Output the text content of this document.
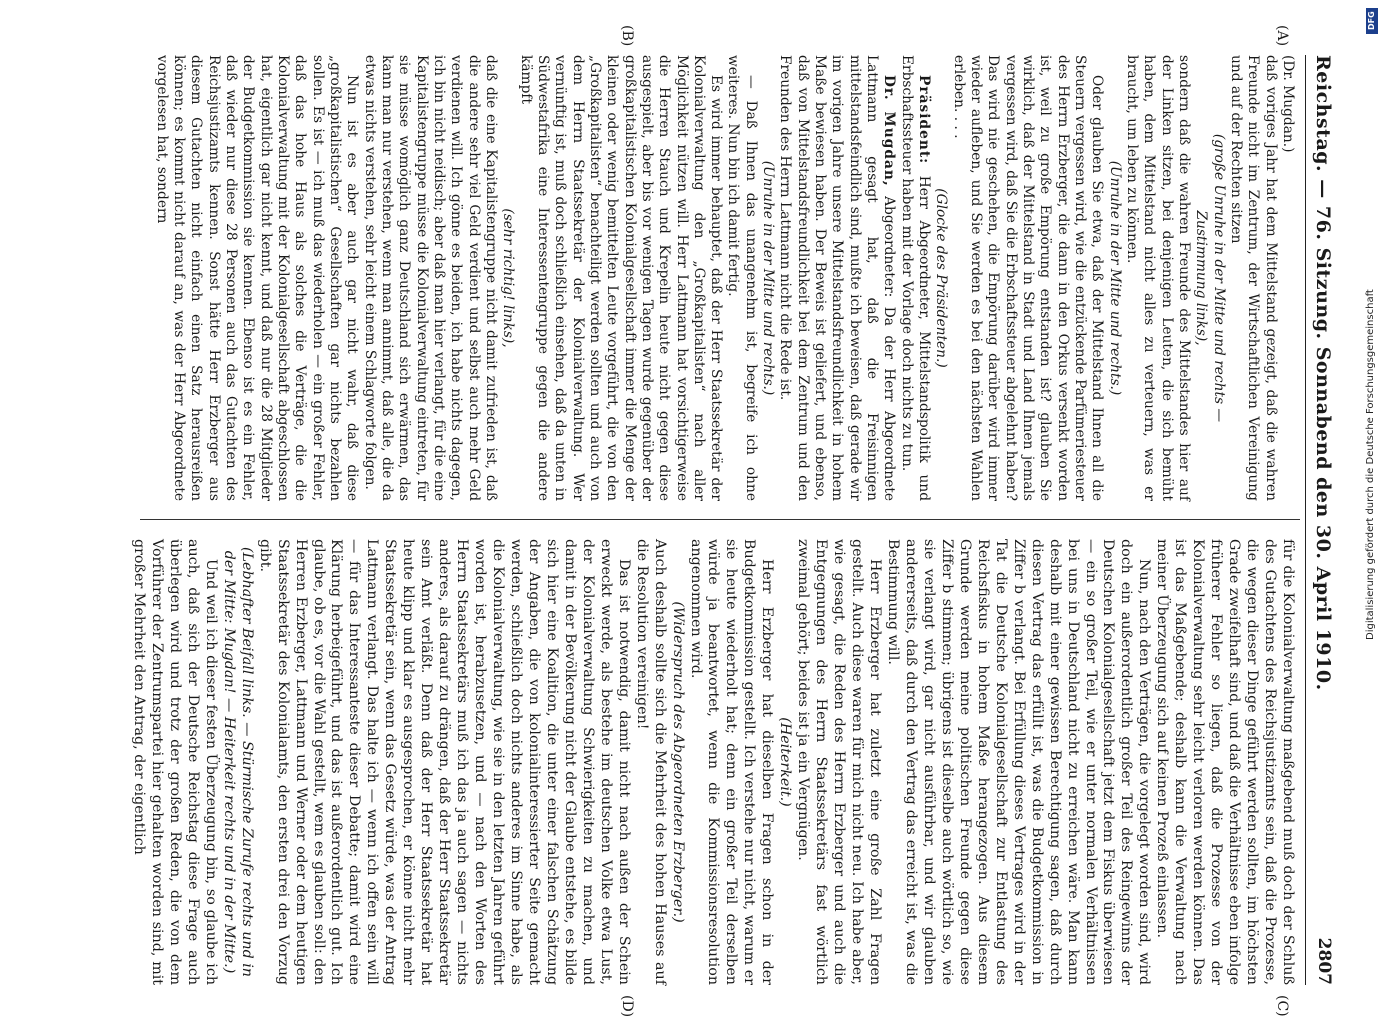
Reichstag. — 76. Sitzung. Sonnabend den 30. April 1910.
2807

(Dr. Mugdan.)

daß voriges Jahr hat dem Mittelstand gezeigt, daß die wahren Freunde nicht im Zentrum, der Wirtschaftlichen Vereinigung und auf der Rechten sitzen

(große Unruhe in der Mitte und rechts —

Zustimmung links),

sondern daß die wahren Freunde des Mittelstandes hier auf der Linken sitzen, bei denjenigen Leuten, die sich bemüht haben, dem Mittelstand nicht alles zu verteuern, was er braucht, um leben zu können.

(Unruhe in der Mitte und rechts.)

Oder glauben Sie etwa, daß der Mittelstand Ihnen all die Steuern vergessen wird, wie die entzückende Parfümeriesteuer des Herrn Erzberger, die dann in den Orkus versenkt worden ist, weil zu große Empörung entstanden ist? glauben Sie wirklich, daß der Mittelstand in Stadt und Land Ihnen jemals vergessen wird, daß Sie die Erbschaftssteuer abgelehnt haben? Das wird nie geschehen, die Empörung darüber wird immer wieder aufleben, und Sie werden es bei den nächsten Wahlen erleben. . . .

(Glocke des Präsidenten.)

Präsident: Herr Abgeordneter, Mittelstandspolitik und Erbschaftssteuer haben mit der Vorlage doch nichts zu tun.

Dr. Mugdan, Abgeordneter: Da der Herr Abgeordnete Lattmann gesagt hat, daß die Freisinnigen mittelstandsfeindlich sind, mußte ich beweisen, daß gerade wir im vorigen Jahre unsere Mittelstandsfreundlichkeit in hohem Maße bewiesen haben. Der Beweis ist geliefert, und ebenso, daß von Mittelstandsfreundlichkeit bei dem Zentrum und den Freunden des Herrn Lattmann nicht die Rede ist.

(Unruhe in der Mitte und rechts.)

— Daß Ihnen das unangenehm ist, begreife ich ohne weiteres. Nun bin ich damit fertig.

Es wird immer behauptet, daß der Herr Staatssekretär der Kolonialverwaltung den „Großkapitalisten“ nach aller Möglichkeit nützen will. Herr Lattmann hat vorsichtigerweise die Herren Stauch und Krepelin heute nicht gegen diese ausgespielt, aber bis vor wenigen Tagen wurde gegenüber der großkapitalistischen Kolonialgesellschaft immer die Menge der kleinen oder wenig bemittelten Leute vorgeführt, die von den „Großkapitalisten“ benachteiligt werden sollten und auch von dem Herrn Staatssekretär der Kolonialverwaltung. Wer vernünftig ist, muß doch schließlich einsehen, daß da unten in Südwestafrika eine Interessentengruppe gegen die andere kämpft

(sehr richtig! links),

daß die eine Kapitalistengruppe nicht damit zufrieden ist, daß die andere sehr viel Geld verdient und selbst auch mehr Geld verdienen will. Ich gönne es beiden, ich habe nichts dagegen, ich bin nicht neidisch; aber daß man hier verlangt, für die eine Kapitalistengruppe müsse die Kolonialverwaltung eintreten, für sie müsse womöglich ganz Deutschland sich erwärmen, das kann man nur verstehen, wenn man annimmt, daß alle, die da etwas nichts verstehen, sehr leicht einem Schlagworte folgen.

Nun ist es aber auch gar nicht wahr, daß diese „großkapitalistischen“ Gesellschaften gar nichts bezahlen sollen. Es ist — ich muß das wiederholen — ein großer Fehler, daß das hohe Haus als solches die Verträge, die die Kolonialverwaltung mit der Kolonialgesellschaft abgeschlossen hat, eigentlich gar nicht kennt, und daß nur die 28 Mitglieder der Budgetkommission sie kennen. Ebenso ist es ein Fehler, daß wieder nur diese 28 Personen auch das Gutachten des Reichsjustizamts kennen. Sonst hätte Herr Erzberger aus diesem Gutachten nicht einfach einen Satz herausreißen können; es kommt nicht darauf an, was der Herr Abgeordnete vorgelesen hat, sondern

für die Kolonialverwaltung maßgebend muß doch der Schluß des Gutachtens des Reichsjustizamts sein, daß die Prozesse, die wegen dieser Dinge geführt werden sollten, im höchsten Grade zweifelhaft sind, und daß die Verhältnisse eben infolge früherer Fehler so liegen, daß die Prozesse von der Kolonialverwaltung sehr leicht verloren werden können. Das ist das Maßgebende; deshalb kann die Verwaltung nach meiner Überzeugung sich auf keinen Prozeß einlassen.

Nun, nach den Verträgen, die vorgelegt worden sind, wird doch ein außerordentlich großer Teil des Reingewinns der Deutschen Kolonialgesellschaft jetzt dem Fiskus überwiesen — ein so großer Teil, wie er unter normalen Verhältnissen bei uns in Deutschland nicht zu erreichen wäre. Man kann deshalb mit einer gewissen Berechtigung sagen, daß durch diesen Vertrag das erfüllt ist, was die Budgetkommission in Ziffer b verlangt. Bei Erfüllung dieses Vertrages wird in der Tat die Deutsche Kolonialgesellschaft zur Entlastung des Reichsfiskus in hohem Maße herangezogen. Aus diesem Grunde werden meine politischen Freunde gegen diese Ziffer b stimmen; übrigens ist dieselbe auch wörtlich so, wie sie verlangt wird, gar nicht ausführbar, und wir glauben andererseits, daß durch den Vertrag das erreicht ist, was die Bestimmung will.

Herr Erzberger hat zuletzt eine große Zahl Fragen gestellt. Auch diese waren für mich nicht neu. Ich habe aber, wie gesagt, die Reden des Herrn Erzberger und auch die Entgegnungen des Herrn Staatssekretärs fast wörtlich zweimal gehört; beides ist ja ein Vergnügen.

(Heiterkeit.)

Herr Erzberger hat dieselben Fragen schon in der Budgetkommission gestellt. Ich verstehe nur nicht, warum er sie heute wiederholt hat; denn ein großer Teil derselben würde ja beantwortet, wenn die Kommissionsresolution angenommen wird.

(Widerspruch des Abgeordneten Erzberger.)

Auch deshalb sollte sich die Mehrheit des hohen Hauses auf die Resolution vereinigen!

Das ist notwendig, damit nicht nach außen der Schein erweckt werde, als bestehe im deutschen Volke etwa Lust, der Kolonialverwaltung Schwierigkeiten zu machen, und damit in der Bevölkerung nicht der Glaube entstehe, es bilde sich hier eine Koalition, die unter einer falschen Schätzung der Angaben, die von kolonialinteressierter Seite gemacht werden, schließlich doch nichts anderes im Sinne habe, als die Kolonialverwaltung, wie sie in den letzten Jahren geführt worden ist, herabzusetzen, und — nach den Worten des Herrn Staatssekretärs muß ich das ja auch sagen — nichts anderes, als darauf zu drängen, daß der Herr Staatssekretär sein Amt verläßt. Denn daß der Herr Staatssekretär hat heute klipp und klar es ausgesprochen, er könne nicht mehr Staatssekretär sein, wenn das Gesetz würde, was der Antrag Lattmann verlangt. Das halte ich — wenn ich offen sein will — für das Interessanteste dieser Debatte; damit wird eine Klärung herbeigeführt, und das ist außerordentlich gut. Ich glaube, ob es, vor die Wahl gestellt, wem es glauben soll: den Herren Erzberger, Lattmann und Werner oder dem heutigen Staatssekretär des Kolonialamts, den ersten drei den Vorzug gibt.

(Lebhafter Beifall links. — Stürmische Zurufe rechts und in der Mitte: Mugdan! — Heiterkeit rechts und in der Mitte.)

Und weil ich dieser festen Überzeugung bin, so glaube ich auch, daß sich der Deutsche Reichstag diese Frage auch überlegen wird und trotz der großen Reden, die von dem Vorführer der Zentrumspartei hier gehalten worden sind, mit großer Mehrheit den Antrag, der eigentlich

(A)
(B)
(C)
(D)
DFG
Digitalisierung gefördert durch die Deutsche Forschungsgemeinschaft
